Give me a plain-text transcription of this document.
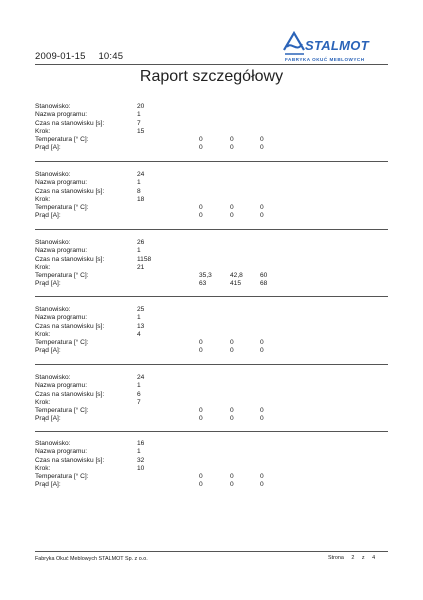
2009-01-15 10:45
STALMOT
FABRYKA OKUĆ MEBLOWYCH
Raport szczegółowy
Stanowisko:	20
Nazwa programu:	1
Czas na stanowisku [s]:	7
Krok:	15
Temperatura [° C]:	0	0	0
Prąd [A]:	0	0	0
Stanowisko:	24
Nazwa programu:	1
Czas na stanowisku [s]:	8
Krok:	18
Temperatura [° C]:	0	0	0
Prąd [A]:	0	0	0
Stanowisko:	26
Nazwa programu:	1
Czas na stanowisku [s]:	1158
Krok:	21
Temperatura [° C]:	35,3	42,8	60
Prąd [A]:	63	415	68
Stanowisko:	25
Nazwa programu:	1
Czas na stanowisku [s]:	13
Krok:	4
Temperatura [° C]:	0	0	0
Prąd [A]:	0	0	0
Stanowisko:	24
Nazwa programu:	1
Czas na stanowisku [s]:	6
Krok:	7
Temperatura [° C]:	0	0	0
Prąd [A]:	0	0	0
Stanowisko:	16
Nazwa programu:	1
Czas na stanowisku [s]:	32
Krok:	10
Temperatura [° C]:	0	0	0
Prąd [A]:	0	0	0
Fabryka Okuć Meblowych STALMOT Sp. z o.o.	Strona 2 z 4
